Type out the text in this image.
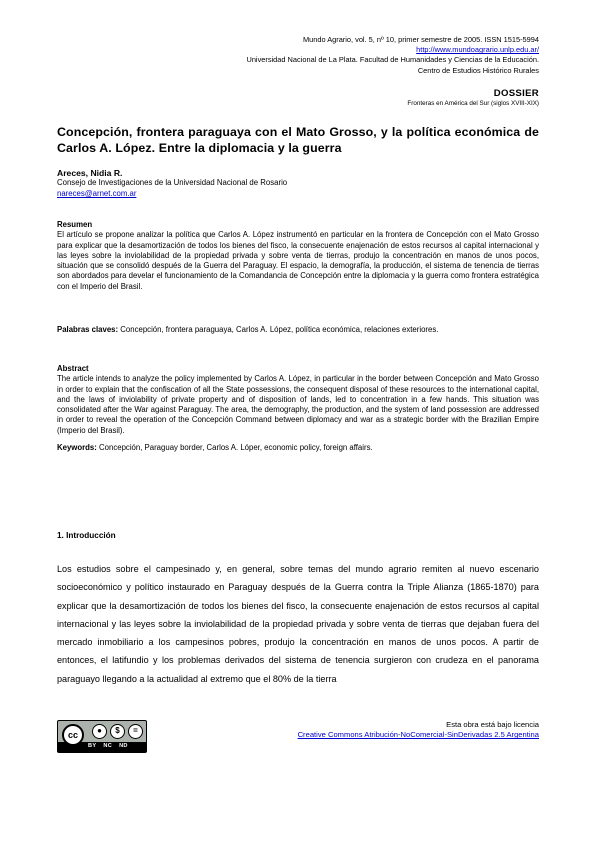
Mundo Agrario, vol. 5, nº 10, primer semestre de 2005. ISSN 1515-5994
http://www.mundoagrario.unlp.edu.ar/
Universidad Nacional de La Plata. Facultad de Humanidades y Ciencias de la Educación.
Centro de Estudios Histórico Rurales
DOSSIER
Fronteras en América del Sur (siglos XVIII-XIX)
Concepción, frontera paraguaya con el Mato Grosso, y la política económica de Carlos A. López. Entre la diplomacia y la guerra
Areces, Nidia R.
Consejo de Investigaciones de la Universidad Nacional de Rosario
nareces@arnet.com.ar
Resumen
El artículo se propone analizar la política que Carlos A. López instrumentó en particular en la frontera de Concepción con el Mato Grosso para explicar que la desamortización de todos los bienes del fisco, la consecuente enajenación de estos recursos al capital internacional y las leyes sobre la inviolabilidad de la propiedad privada y sobre venta de tierras, produjo la concentración en manos de unos pocos, situación que se consolidó después de la Guerra del Paraguay. El espacio, la demografía, la producción, el sistema de tenencia de tierras son abordados para develar el funcionamiento de la Comandancia de Concepción entre la diplomacia y la guerra como frontera estratégica con el Imperio del Brasil.
Palabras claves: Concepción, frontera paraguaya, Carlos A. López, política económica, relaciones exteriores.
Abstract
The article intends to analyze the policy implemented by Carlos A. López, in particular in the border between Concepción and Mato Grosso in order to explain that the confiscation of all the State possessions, the consequent disposal of these resources to the international capital, and the laws of inviolability of private property and of disposition of lands, led to concentration in a few hands. This situation was consolidated after the War against Paraguay. The area, the demography, the production, and the system of land possession are addressed in order to reveal the operation of the Concepción Command between diplomacy and war as a strategic border with the Brazilian Empire (Imperio del Brasil).
Keywords: Concepción, Paraguay border, Carlos A. Lóper, economic policy, foreign affairs.
1. Introducción
Los estudios sobre el campesinado y, en general, sobre temas del mundo agrario remiten al nuevo escenario socioeconómico y político instaurado en Paraguay después de la Guerra contra la Triple Alianza (1865-1870) para explicar que la desamortización de todos los bienes del fisco, la consecuente enajenación de estos recursos al capital internacional y las leyes sobre la inviolabilidad de la propiedad privada y sobre venta de tierras que dejaban fuera del mercado inmobiliario a los campesinos pobres, produjo la concentración en manos de unos pocos. A partir de entonces, el latifundio y los problemas derivados del sistema de tenencia surgieron con crudeza en el panorama paraguayo llegando a la actualidad al extremo que el 80% de la tierra
cc	●	$	=
BY NC ND
Esta obra está bajo licencia
Creative Commons Atribución-NoComercial-SinDerivadas 2.5 Argentina
